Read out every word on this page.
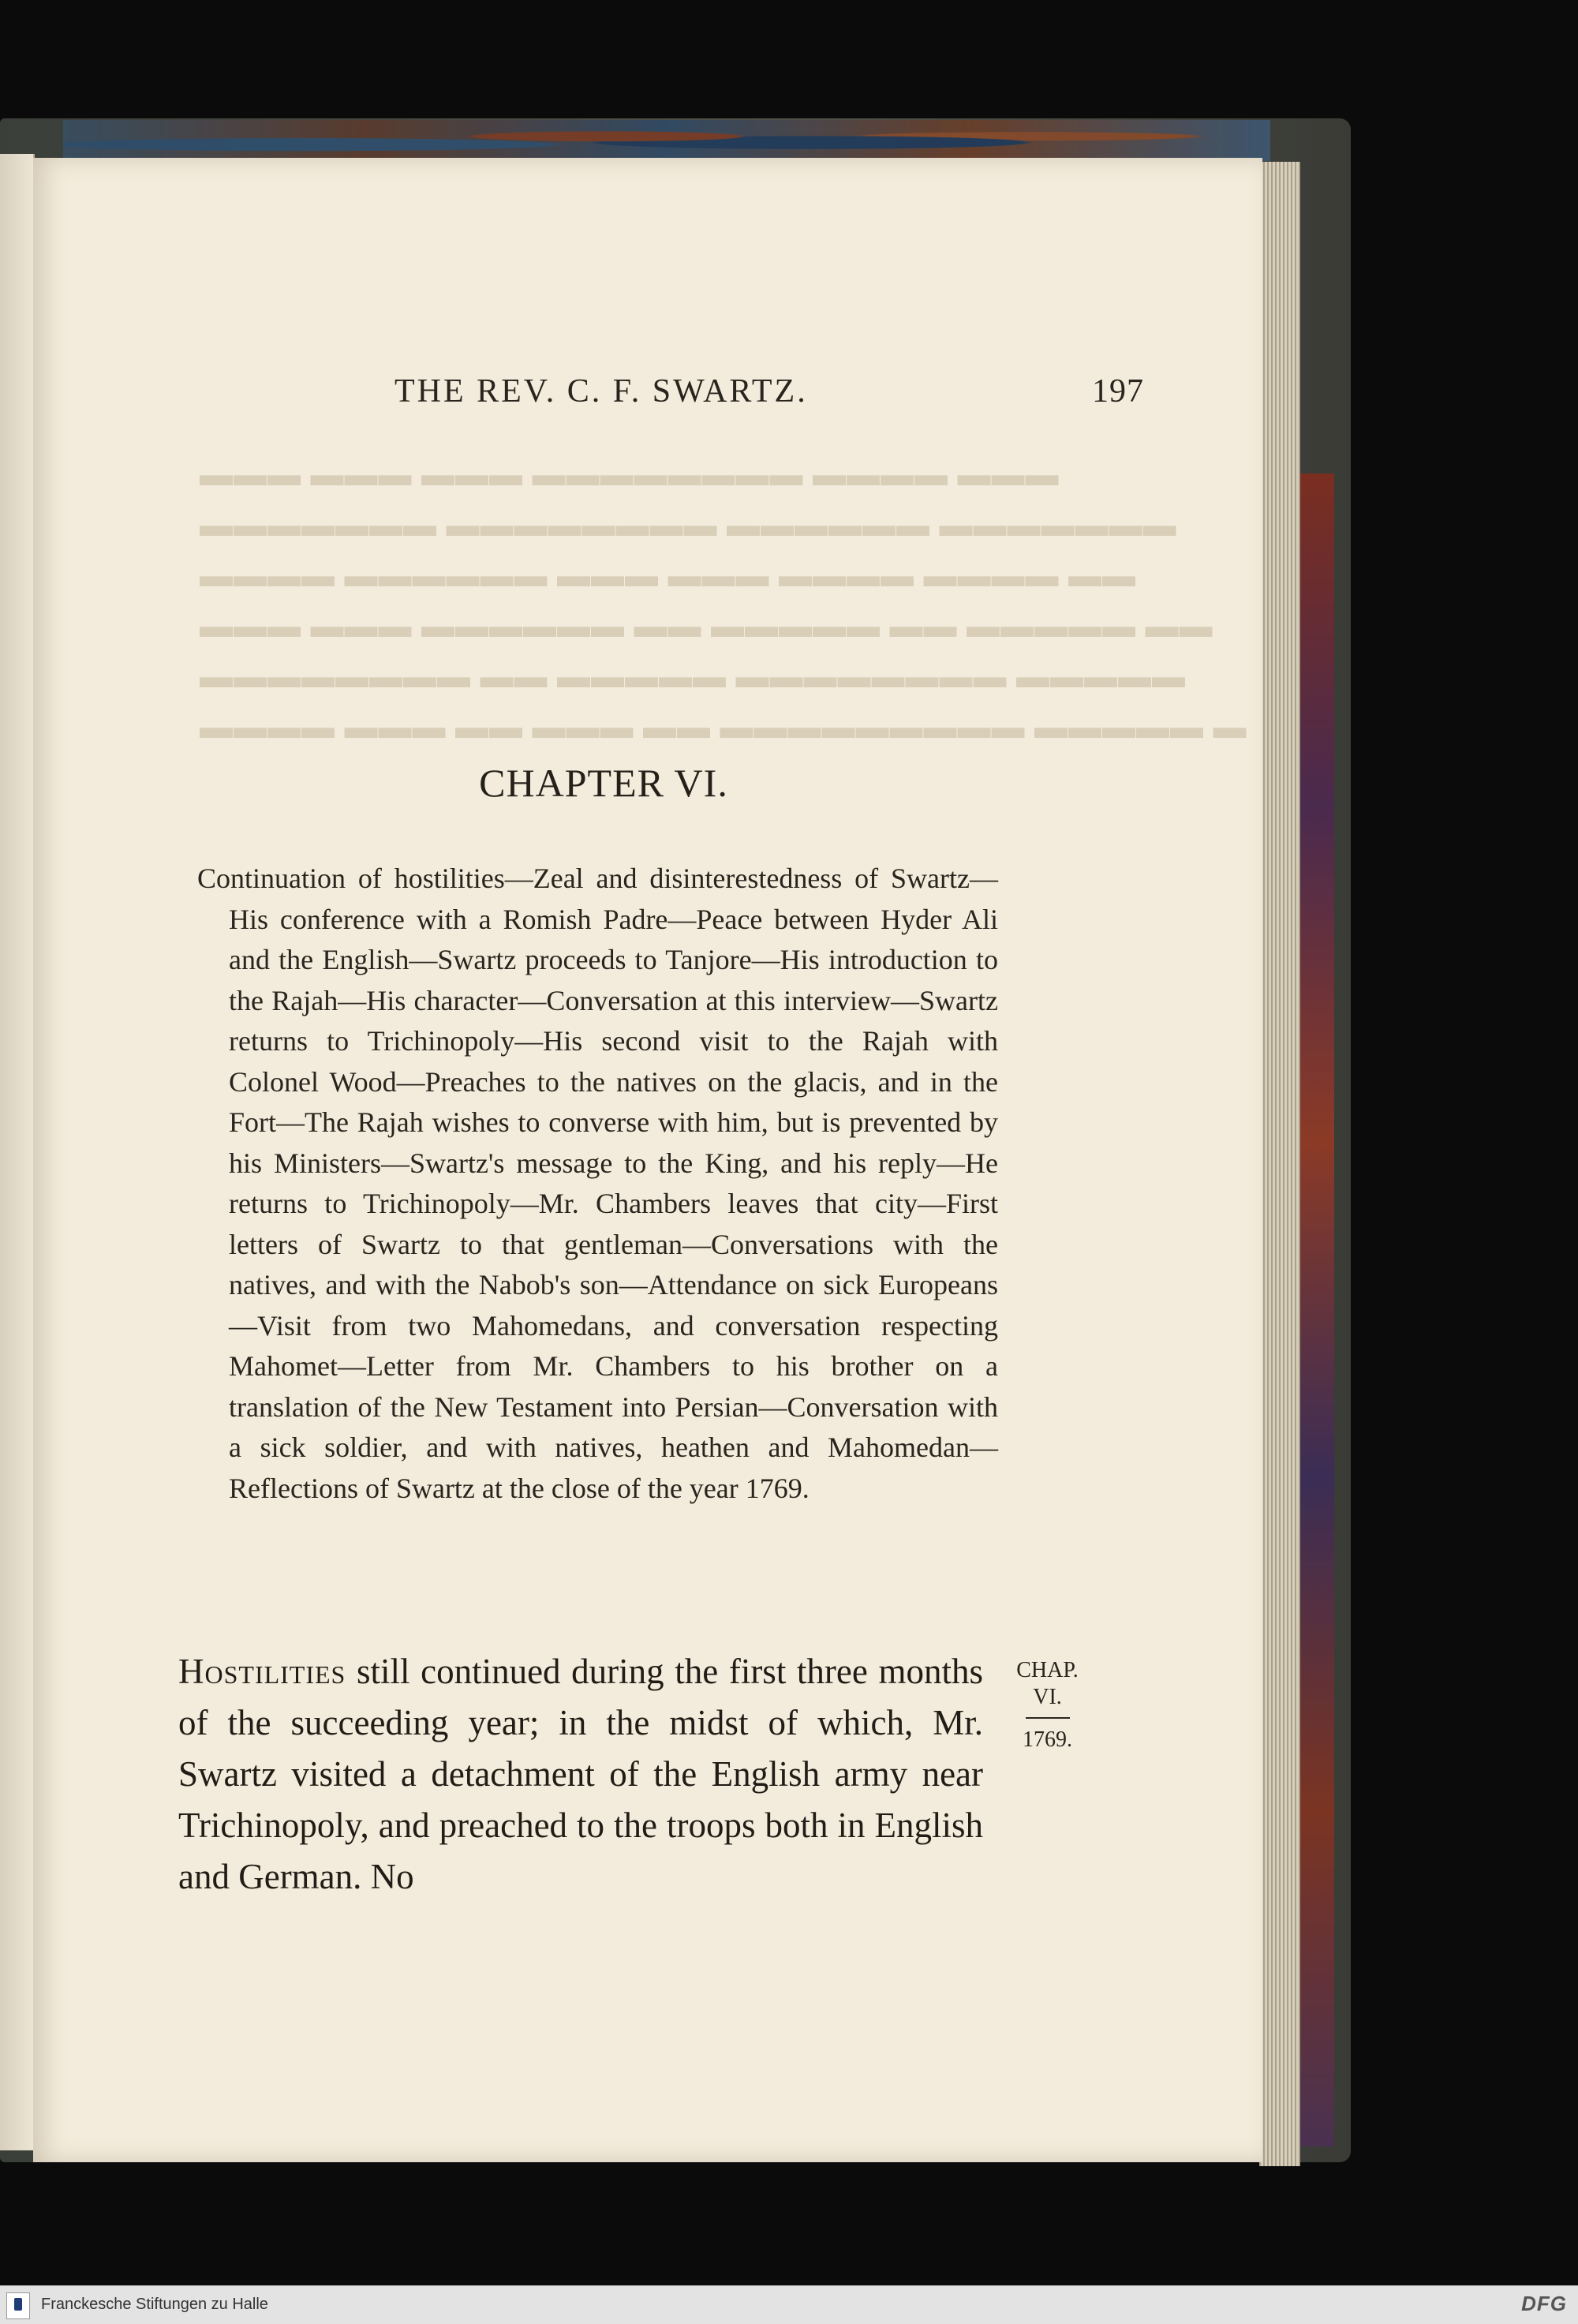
▬▬▬ ▬▬▬▬ ▬▬▬▬▬▬▬▬ ▬▬▬ ▬▬▬ ▬▬▬
▬▬▬▬▬▬▬ ▬▬▬▬▬▬ ▬▬▬▬▬▬▬▬ ▬▬▬▬▬▬▬
▬▬ ▬▬▬▬ ▬▬▬▬ ▬▬▬ ▬▬▬ ▬▬▬▬▬▬ ▬▬▬▬
▬▬ ▬▬▬▬▬ ▬▬ ▬▬▬▬▬ ▬▬ ▬▬▬▬▬▬ ▬▬▬ ▬▬▬
▬▬▬▬▬ ▬▬▬▬▬▬▬▬ ▬▬▬▬▬ ▬▬ ▬▬▬▬▬▬▬▬
▬ ▬▬▬▬▬ ▬▬▬▬▬▬▬▬▬ ▬▬ ▬▬▬ ▬▬ ▬▬▬ ▬▬▬▬
THE REV. C. F. SWARTZ.	197
CHAPTER VI.
Continuation of hostilities—Zeal and disinterestedness of Swartz—His conference with a Romish Padre—Peace between Hyder Ali and the English—Swartz proceeds to Tanjore—His introduction to the Rajah—His character—Conversation at this interview—Swartz returns to Trichinopoly—His second visit to the Rajah with Colonel Wood—Preaches to the natives on the glacis, and in the Fort—The Rajah wishes to converse with him, but is prevented by his Ministers—Swartz's message to the King, and his reply—He returns to Trichinopoly—Mr. Chambers leaves that city—First letters of Swartz to that gentleman—Conversations with the natives, and with the Nabob's son—Attendance on sick Europeans—Visit from two Mahomedans, and conversation respecting Mahomet—Letter from Mr. Chambers to his brother on a translation of the New Testament into Persian—Conversation with a sick soldier, and with natives, heathen and Mahomedan—Reflections of Swartz at the close of the year 1769.
Hostilities still continued during the first three months of the succeeding year; in the midst of which, Mr. Swartz visited a detachment of the English army near Trichinopoly, and preached to the troops both in English and German. No
CHAP.
VI.
1769.
Franckesche Stiftungen zu Halle	DFG
